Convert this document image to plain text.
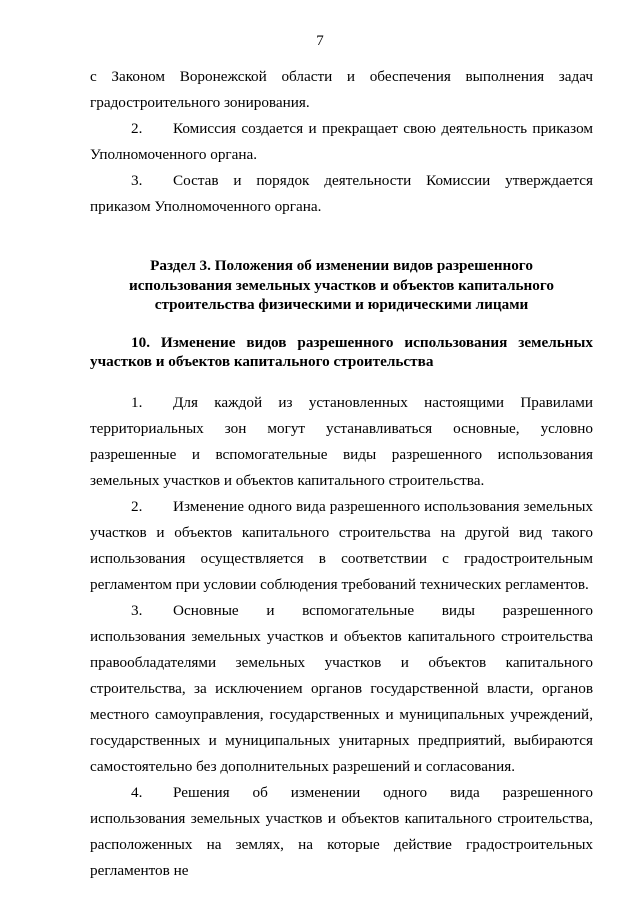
7

с Законом Воронежской области и обеспечения выполнения задач градостроительного зонирования.

2. Комиссия создается и прекращает свою деятельность приказом Уполномоченного органа.

3. Состав и порядок деятельности Комиссии утверждается приказом Уполномоченного органа.

Раздел 3. Положения об изменении видов разрешенного

использования земельных участков и объектов капитального

строительства физическими и юридическими лицами

10. Изменение видов разрешенного использования земельных участков и объектов капитального строительства

1. Для каждой из установленных настоящими Правилами территориальных зон могут устанавливаться основные, условно разрешенные и вспомогательные виды разрешенного использования земельных участков и объектов капитального строительства.

2. Изменение одного вида разрешенного использования земельных участков и объектов капитального строительства на другой вид такого использования осуществляется в соответствии с градостроительным регламентом при условии соблюдения требований технических регламентов.

3. Основные и вспомогательные виды разрешенного использования земельных участков и объектов капитального строительства правообладателями земельных участков и объектов капитального строительства, за исключением органов государственной власти, органов местного самоуправления, государственных и муниципальных учреждений, государственных и муниципальных унитарных предприятий, выбираются самостоятельно без дополнительных разрешений и согласования.

4. Решения об изменении одного вида разрешенного использования земельных участков и объектов капитального строительства, расположенных на землях, на которые действие градостроительных регламентов не
